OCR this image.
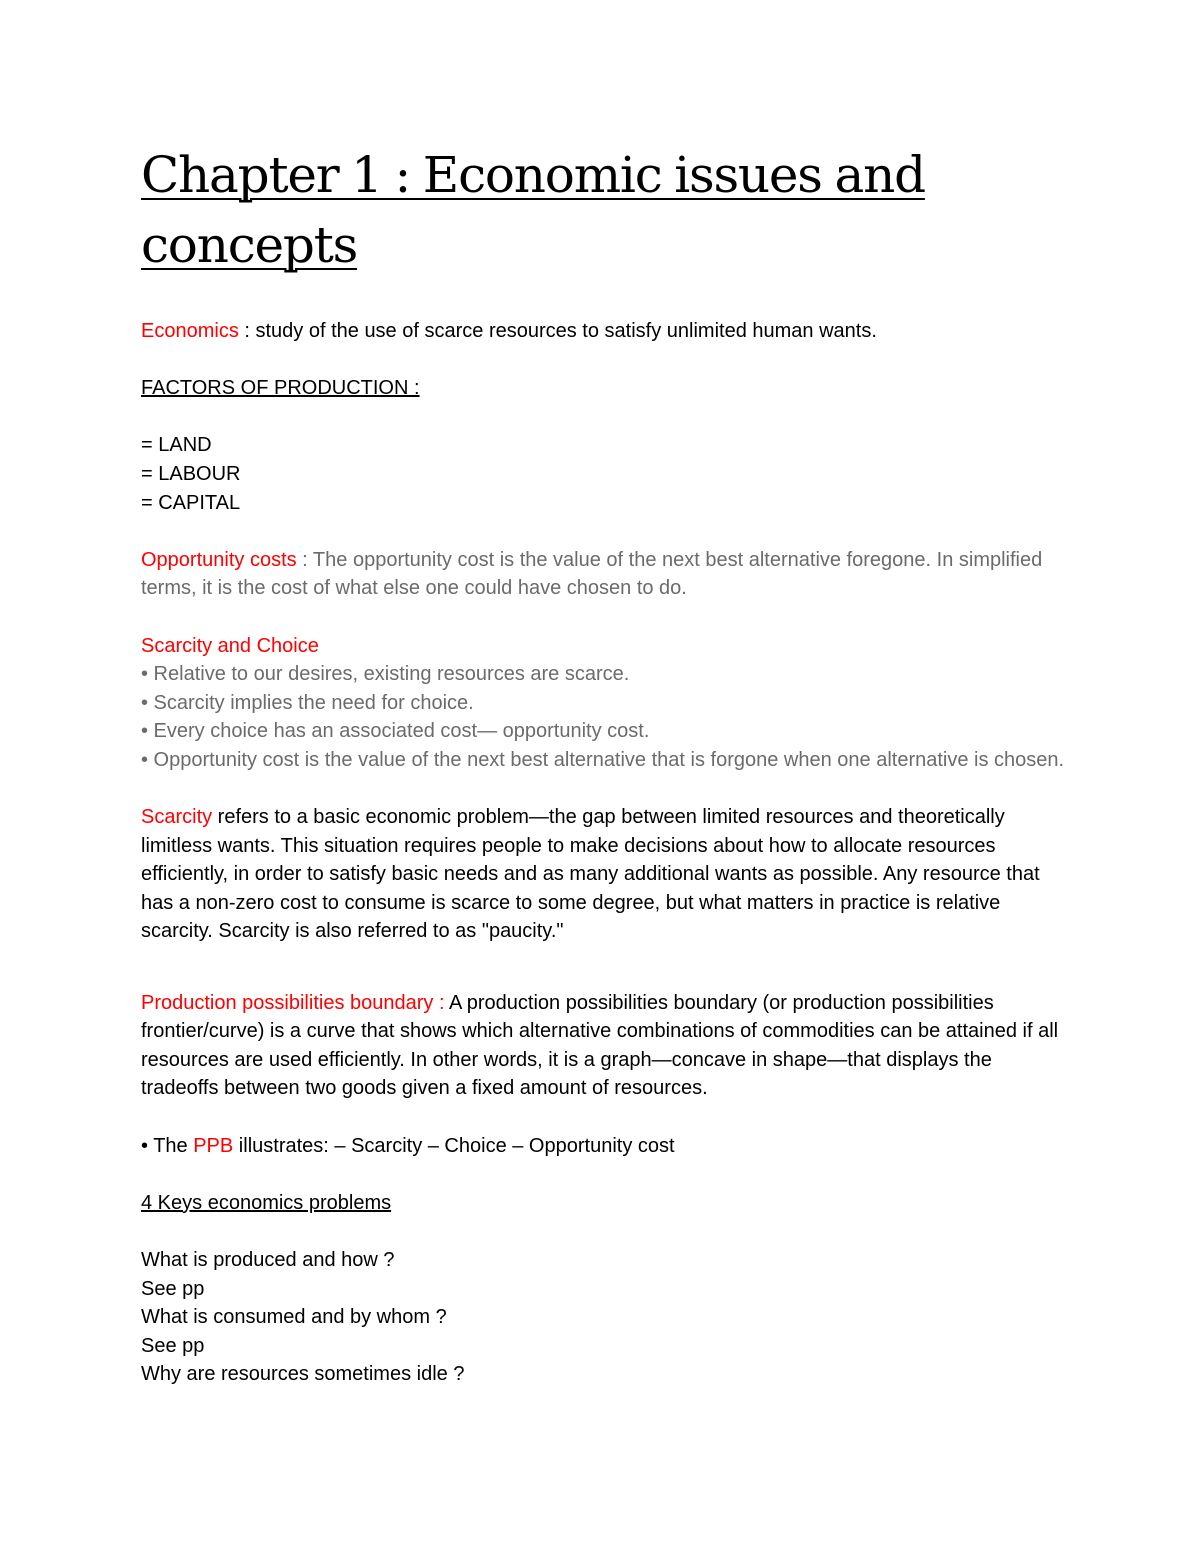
Chapter 1 : Economic issues and concepts

Economics : study of the use of scarce resources to satisfy unlimited human wants.

FACTORS OF PRODUCTION :

= LAND

= LABOUR

= CAPITAL

Opportunity costs : The opportunity cost is the value of the next best alternative foregone. In simplified terms, it is the cost of what else one could have chosen to do.

Scarcity and Choice

• Relative to our desires, existing resources are scarce.

• Scarcity implies the need for choice.

• Every choice has an associated cost— opportunity cost.

• Opportunity cost is the value of the next best alternative that is forgone when one alternative is chosen.

Scarcity refers to a basic economic problem—the gap between limited resources and theoretically limitless wants. This situation requires people to make decisions about how to allocate resources efficiently, in order to satisfy basic needs and as many additional wants as possible. Any resource that has a non-zero cost to consume is scarce to some degree, but what matters in practice is relative scarcity. Scarcity is also referred to as "paucity."

Production possibilities boundary : A production possibilities boundary (or production possibilities frontier/curve) is a curve that shows which alternative combinations of commodities can be attained if all resources are used efficiently. In other words, it is a graph—concave in shape—that displays the tradeoffs between two goods given a fixed amount of resources.

• The PPB illustrates: – Scarcity – Choice – Opportunity cost

4 Keys economics problems

What is produced and how ?

See pp

What is consumed and by whom ?

See pp

Why are resources sometimes idle ?
